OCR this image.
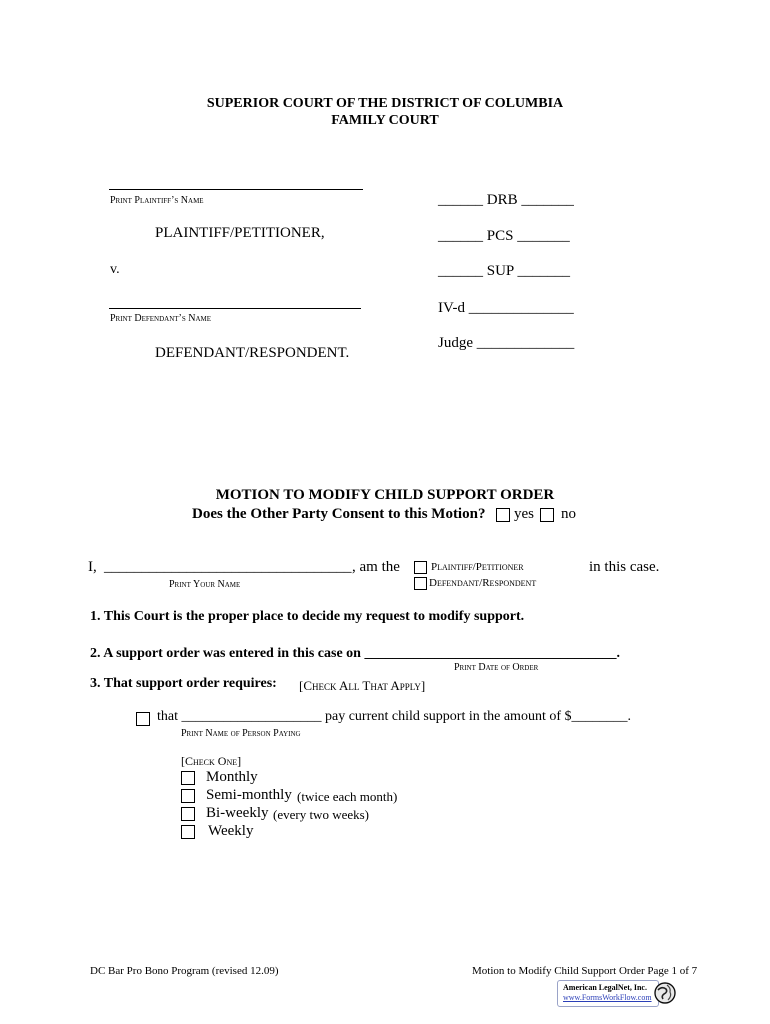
SUPERIOR COURT OF THE DISTRICT OF COLUMBIA
FAMILY COURT
Print Plaintiff’s Name
PLAINTIFF/PETITIONER,
v.
Print Defendant’s Name
DEFENDANT/RESPONDENT.
______ DRB _______
______ PCS _______
______ SUP _______
IV-d ______________
Judge _____________
MOTION TO MODIFY CHILD SUPPORT ORDER
Does the Other Party Consent to this Motion? yes no
I, _________________________________ , am the	Plaintiff/Petitioner
Defendant/Respondent
in this case.
Print Your Name
1. This Court is the proper place to decide my request to modify support.
2. A support order was entered in this case on ____________________________________.
Print Date of Order
3. That support order requires: [Check All That Apply]
that ____________________ pay current child support in the amount of $________.
Print Name of Person Paying
[Check One]
Monthly
Semi-monthly (twice each month)
Bi-weekly (every two weeks)
Weekly
DC Bar Pro Bono Program (revised 12.09)	Motion to Modify Child Support Order Page 1 of 7
American LegalNet, Inc.
www.FormsWorkFlow.com
